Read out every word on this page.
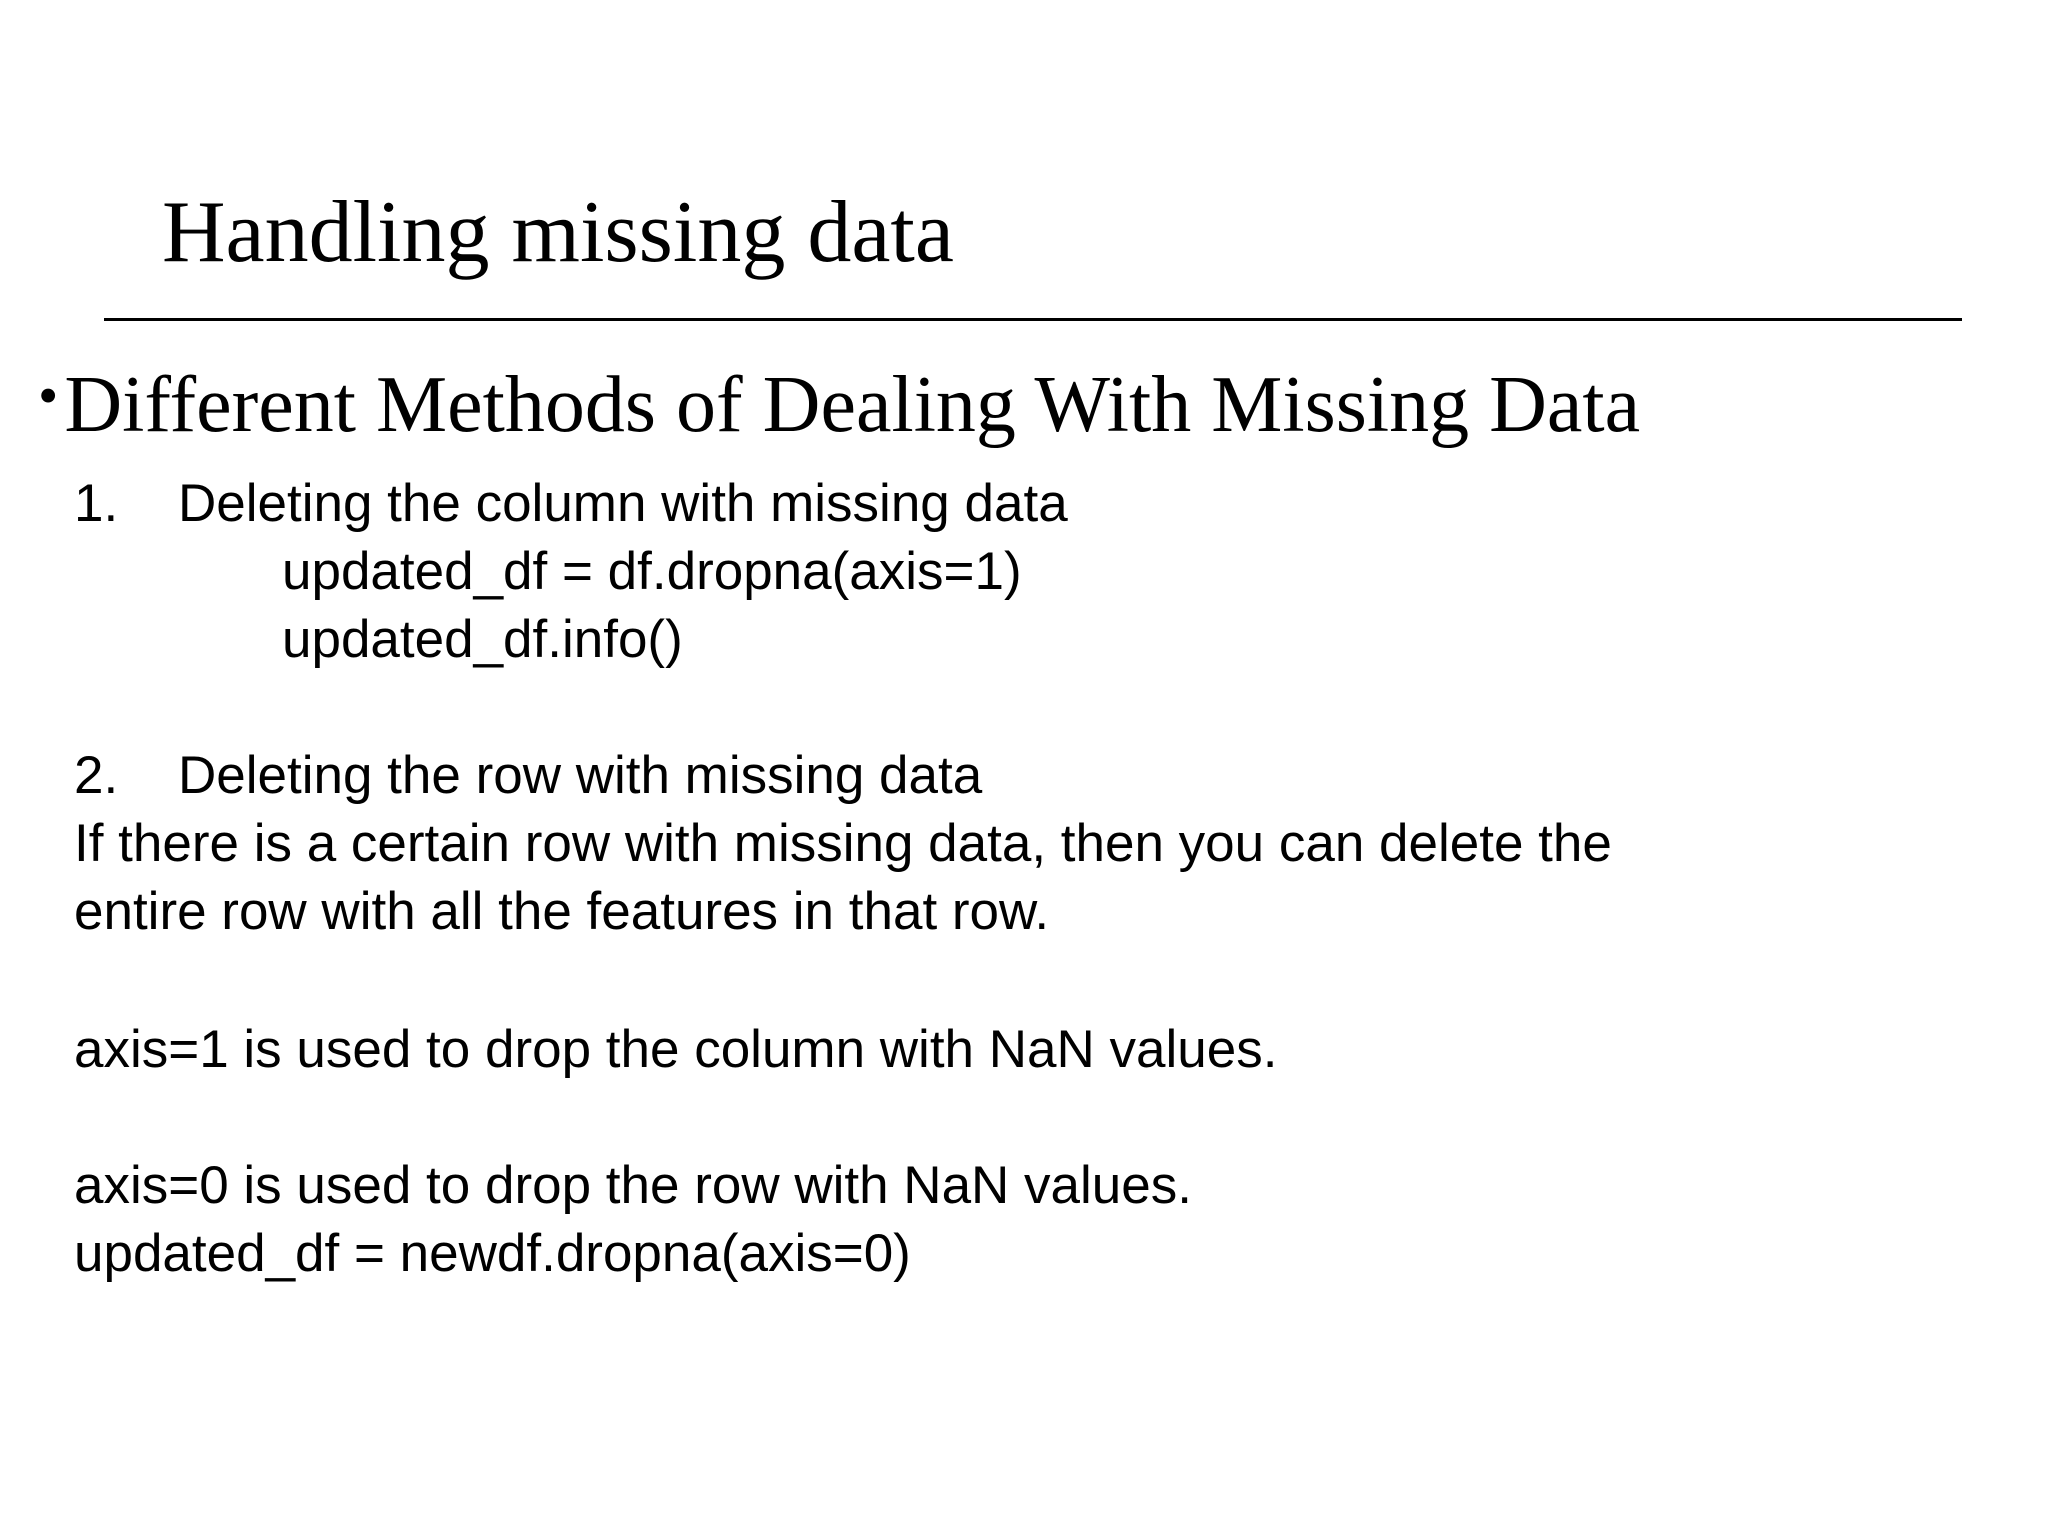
Handling missing data
•Different Methods of Dealing With Missing Data
1. Deleting the column with missing data
updated_df = df.dropna(axis=1)
updated_df.info()
2. Deleting the row with missing data
If there is a certain row with missing data, then you can delete the
entire row with all the features in that row.
axis=1 is used to drop the column with NaN values.
axis=0 is used to drop the row with NaN values.
updated_df = newdf.dropna(axis=0)
